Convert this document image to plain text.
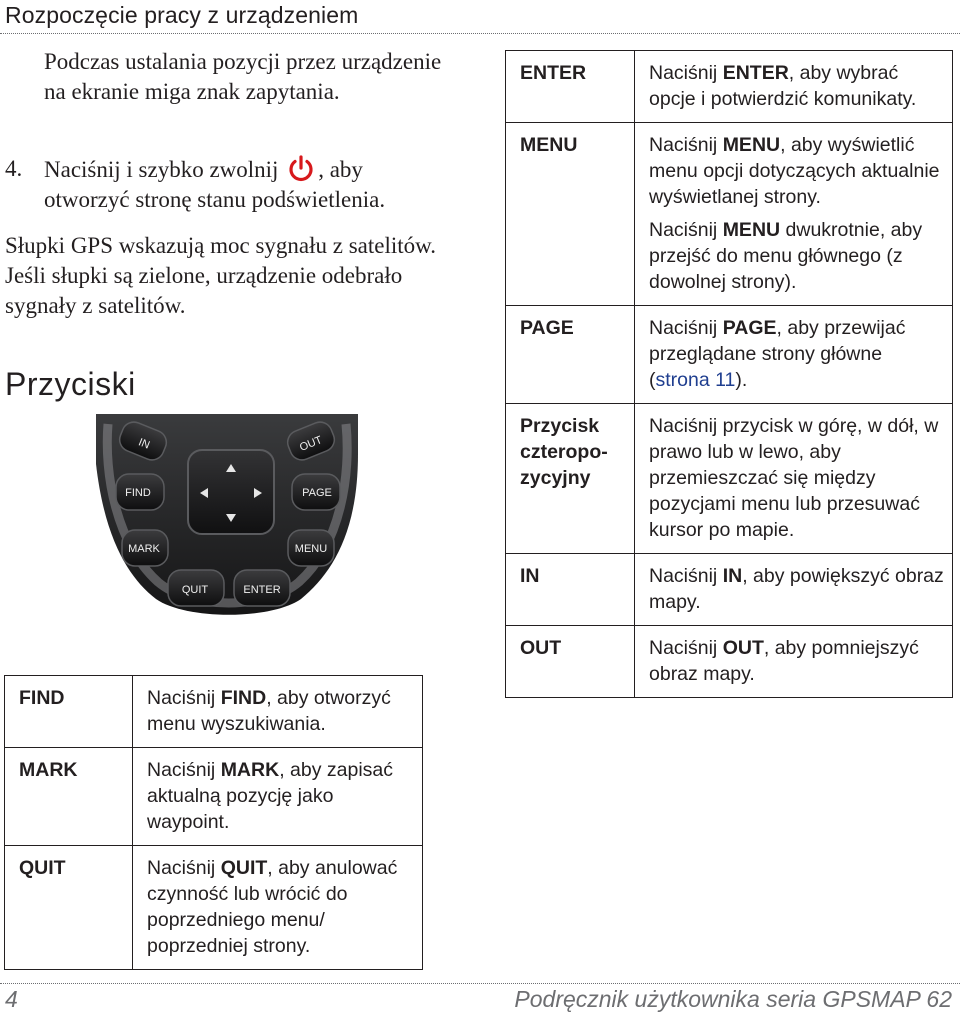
Rozpoczęcie pracy z urządzeniem
Podczas ustalania pozycji przez urządzenie na ekranie miga znak zapytania.
4. Naciśnij i szybko zwolnij , aby otworzyć stronę stanu podświetlenia.
Słupki GPS wskazują moc sygnału z satelitów. Jeśli słupki są zielone, urządzenie odebrało sygnały z satelitów.
Przyciski
IN	OUT
FIND	PAGE
MARK	MENU
QUIT	ENTER
FIND	Naciśnij FIND, aby otworzyć menu wyszukiwania.

MARK	Naciśnij MARK, aby zapisać aktualną pozycję jako waypoint.

QUIT	Naciśnij QUIT, aby anulować czynność lub wrócić do poprzedniego menu/ poprzedniej strony.
ENTER	Naciśnij ENTER, aby wybrać opcje i potwierdzić komunikaty.

MENU	Naciśnij MENU, aby wyświetlić menu opcji dotyczących aktualnie wyświetlanej strony.

Naciśnij MENU dwukrotnie, aby przejść do menu głównego (z dowolnej strony).

PAGE	Naciśnij PAGE, aby przewijać przeglądane strony główne (strona 11).

Przycisk
czteropo-
zycyjny	Naciśnij przycisk w górę, w dół, w prawo lub w lewo, aby przemieszczać się między pozycjami menu lub przesuwać kursor po mapie.

IN	Naciśnij IN, aby powiększyć obraz mapy.

OUT	Naciśnij OUT, aby pomniejszyć obraz mapy.
4	Podręcznik użytkownika seria GPSMAP 62
